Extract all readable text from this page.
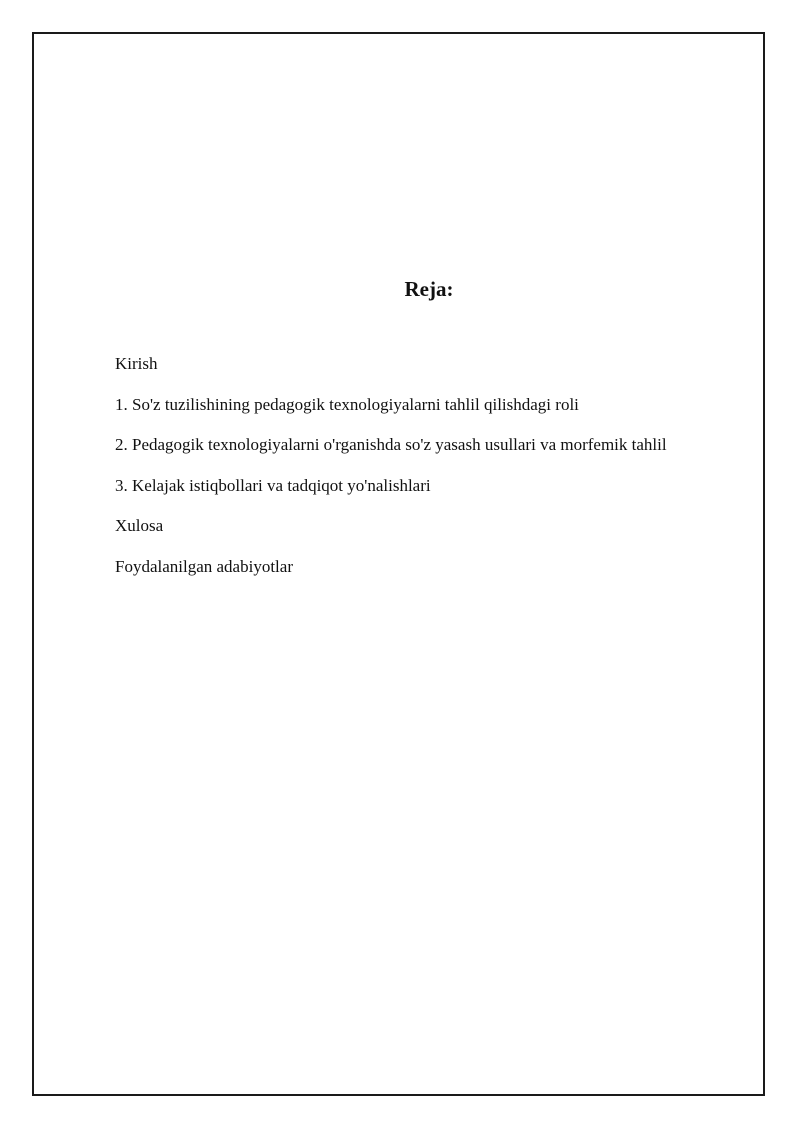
Reja:
Kirish
1. So'z tuzilishining pedagogik texnologiyalarni tahlil qilishdagi roli
2. Pedagogik texnologiyalarni o'rganishda so'z yasash usullari va morfemik tahlil
3. Kelajak istiqbollari va tadqiqot yo'nalishlari
Xulosa
Foydalanilgan adabiyotlar
